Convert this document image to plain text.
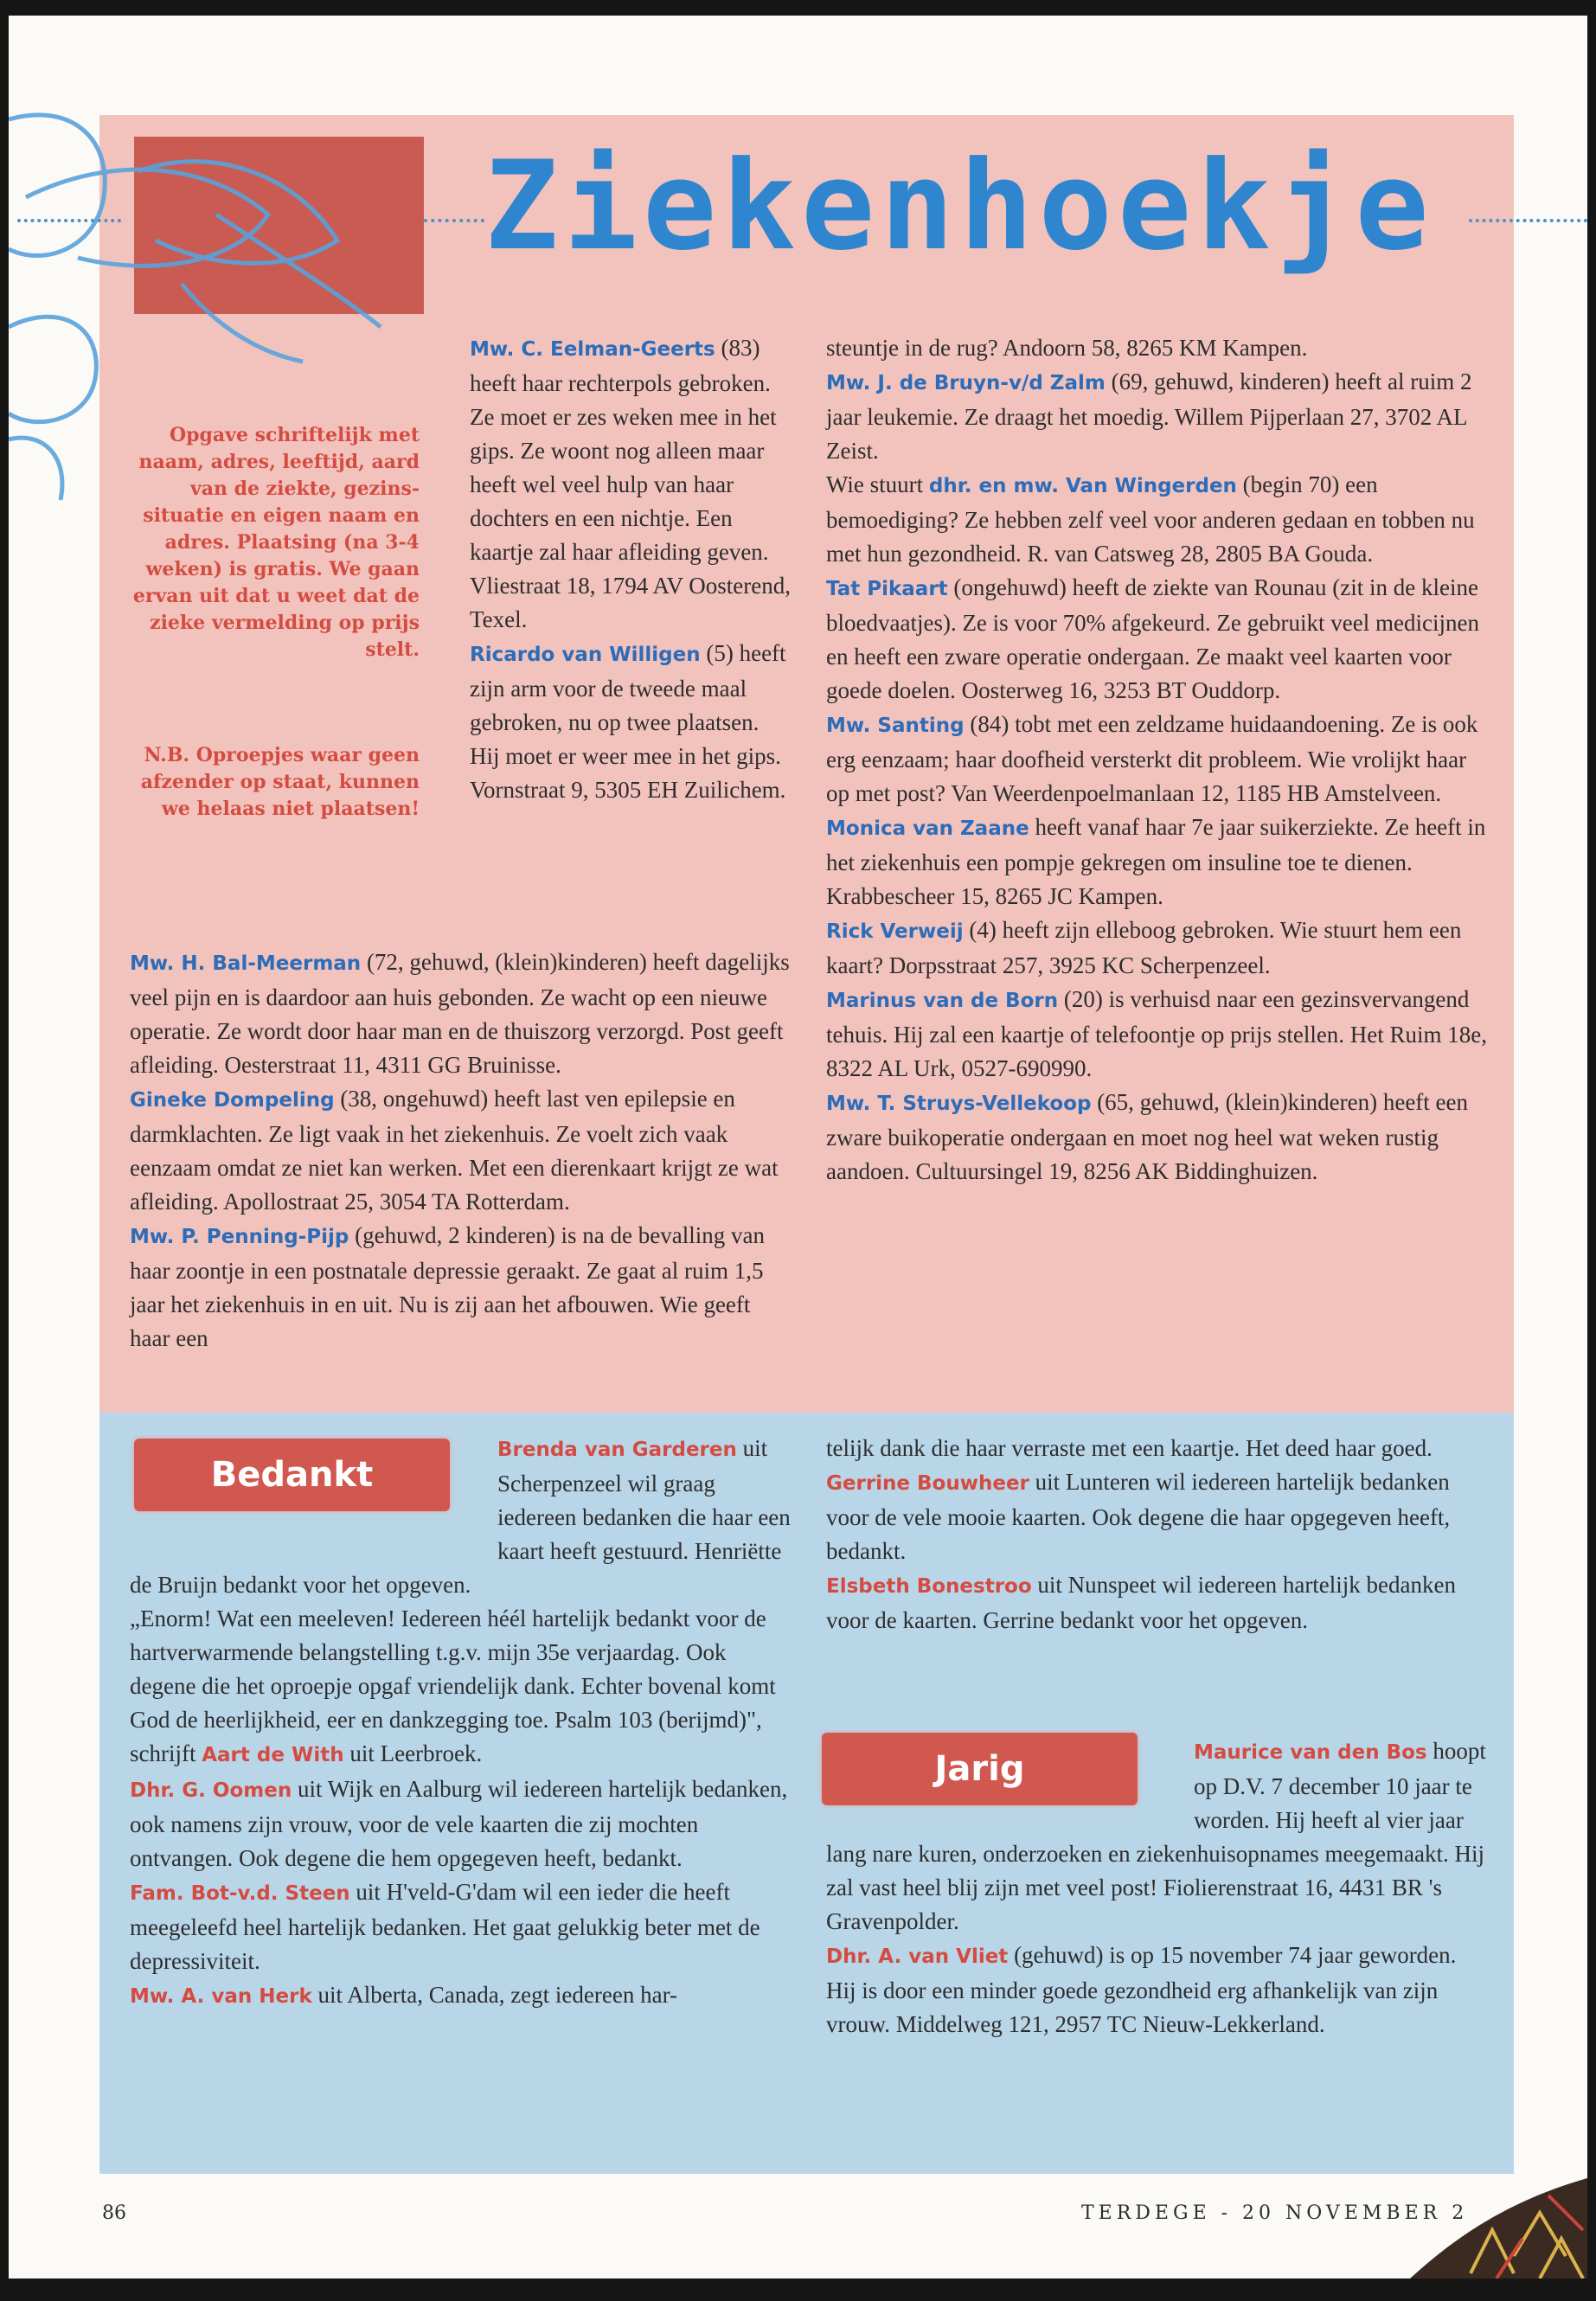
Ziekenhoekje
Opgave schriftelijk met naam, adres, leeftijd, aard van de ziekte, gezins-situatie en eigen naam en adres. Plaatsing (na 3-4 weken) is gratis. We gaan ervan uit dat u weet dat de zieke vermelding op prijs stelt.
N.B. Oproepjes waar geen afzender op staat, kunnen we helaas niet plaatsen!

Mw. C. Eelman-Geerts (83) heeft haar rechterpols gebroken. Ze moet er zes weken mee in het gips. Ze woont nog alleen maar heeft wel veel hulp van haar dochters en een nichtje. Een kaartje zal haar afleiding geven. Vliestraat 18, 1794 AV Oosterend, Texel.

Ricardo van Willigen (5) heeft zijn arm voor de tweede maal gebroken, nu op twee plaatsen. Hij moet er weer mee in het gips. Vornstraat 9, 5305 EH Zuilichem.

Mw. H. Bal-Meerman (72, gehuwd, (klein)kinderen) heeft dagelijks veel pijn en is daardoor aan huis gebonden. Ze wacht op een nieuwe operatie. Ze wordt door haar man en de thuiszorg verzorgd. Post geeft afleiding. Oesterstraat 11, 4311 GG Bruinisse.

Gineke Dompeling (38, ongehuwd) heeft last ven epilepsie en darmklachten. Ze ligt vaak in het ziekenhuis. Ze voelt zich vaak eenzaam omdat ze niet kan werken. Met een dierenkaart krijgt ze wat afleiding. Apollostraat 25, 3054 TA Rotterdam.

Mw. P. Penning-Pijp (gehuwd, 2 kinderen) is na de bevalling van haar zoontje in een postnatale depressie geraakt. Ze gaat al ruim 1,5 jaar het ziekenhuis in en uit. Nu is zij aan het afbouwen. Wie geeft haar een

steuntje in de rug? Andoorn 58, 8265 KM Kampen.

Mw. J. de Bruyn-v/d Zalm (69, gehuwd, kinderen) heeft al ruim 2 jaar leukemie. Ze draagt het moedig. Willem Pijperlaan 27, 3702 AL Zeist.

Wie stuurt dhr. en mw. Van Wingerden (begin 70) een bemoediging? Ze hebben zelf veel voor anderen gedaan en tobben nu met hun gezondheid. R. van Catsweg 28, 2805 BA Gouda.

Tat Pikaart (ongehuwd) heeft de ziekte van Rounau (zit in de kleine bloedvaatjes). Ze is voor 70% afgekeurd. Ze gebruikt veel medicijnen en heeft een zware operatie ondergaan. Ze maakt veel kaarten voor goede doelen. Oosterweg 16, 3253 BT Ouddorp.

Mw. Santing (84) tobt met een zeldzame huidaandoening. Ze is ook erg eenzaam; haar doofheid versterkt dit probleem. Wie vrolijkt haar op met post? Van Weerdenpoelmanlaan 12, 1185 HB Amstelveen.

Monica van Zaane heeft vanaf haar 7e jaar suikerziekte. Ze heeft in het ziekenhuis een pompje gekregen om insuline toe te dienen. Krabbescheer 15, 8265 JC Kampen.

Rick Verweij (4) heeft zijn elleboog gebroken. Wie stuurt hem een kaart? Dorpsstraat 257, 3925 KC Scherpenzeel.

Marinus van de Born (20) is verhuisd naar een gezinsvervangend tehuis. Hij zal een kaartje of telefoontje op prijs stellen. Het Ruim 18e, 8322 AL Urk, 0527-690990.

Mw. T. Struys-Vellekoop (65, gehuwd, (klein)kinderen) heeft een zware buikoperatie ondergaan en moet nog heel wat weken rustig aandoen. Cultuursingel 19, 8256 AK Biddinghuizen.

Bedankt

Brenda van Garderen uit Scherpenzeel wil graag iedereen bedanken die haar een kaart heeft gestuurd. Henriëtte de Bruijn bedankt voor het opgeven.

„Enorm! Wat een meeleven! Iedereen héél hartelijk bedankt voor de hartverwarmende belangstelling t.g.v. mijn 35e verjaardag. Ook degene die het oproepje opgaf vriendelijk dank. Echter bovenal komt God de heerlijkheid, eer en dankzegging toe. Psalm 103 (berijmd)", schrijft Aart de With uit Leerbroek.

Dhr. G. Oomen uit Wijk en Aalburg wil iedereen hartelijk bedanken, ook namens zijn vrouw, voor de vele kaarten die zij mochten ontvangen. Ook degene die hem opgegeven heeft, bedankt.

Fam. Bot-v.d. Steen uit H'veld-G'dam wil een ieder die heeft meegeleefd heel hartelijk bedanken. Het gaat gelukkig beter met de depressiviteit.

Mw. A. van Herk uit Alberta, Canada, zegt iedereen har-

telijk dank die haar verraste met een kaartje. Het deed haar goed.

Gerrine Bouwheer uit Lunteren wil iedereen hartelijk bedanken voor de vele mooie kaarten. Ook degene die haar opgegeven heeft, bedankt.

Elsbeth Bonestroo uit Nunspeet wil iedereen hartelijk bedanken voor de kaarten. Gerrine bedankt voor het opgeven.

Jarig	Maurice van den Bos hoopt op D.V. 7 december 10 jaar te worden. Hij heeft al vier jaar lang nare kuren, onderzoeken en ziekenhuisopnames meegemaakt. Hij zal vast heel blij zijn met veel post! Fiolierenstraat 16, 4431 BR 's Gravenpolder.

Dhr. A. van Vliet (gehuwd) is op 15 november 74 jaar geworden. Hij is door een minder goede gezondheid erg afhankelijk van zijn vrouw. Middelweg 121, 2957 TC Nieuw-Lekkerland.

86	TERDEGE - 20 NOVEMBER 2
